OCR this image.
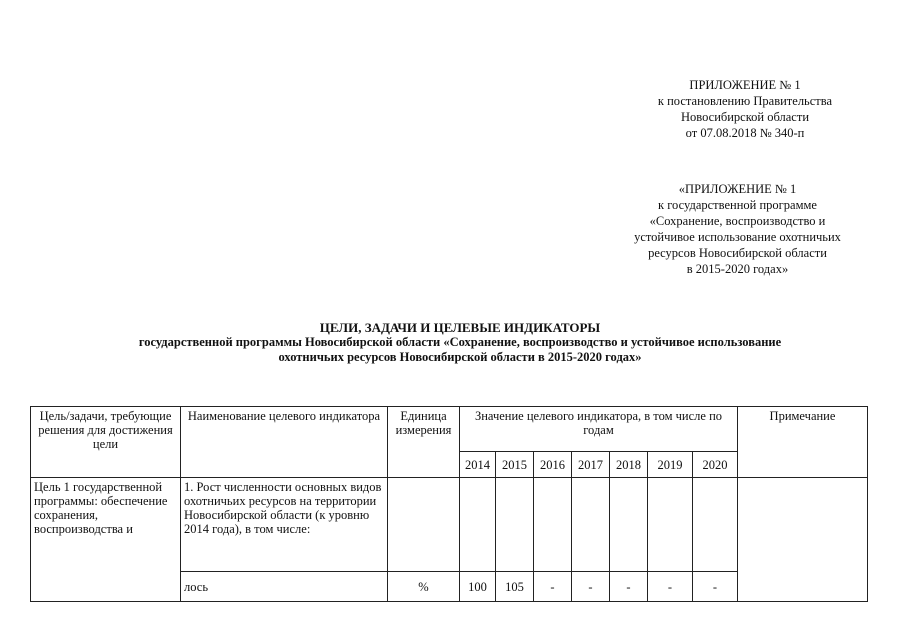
ПРИЛОЖЕНИЕ № 1
к постановлению Правительства
Новосибирской области
от 07.08.2018 № 340-п
«ПРИЛОЖЕНИЕ № 1
к государственной программе
«Сохранение, воспроизводство и
устойчивое использование охотничьих
ресурсов Новосибирской области
в 2015-2020 годах»
ЦЕЛИ, ЗАДАЧИ И ЦЕЛЕВЫЕ ИНДИКАТОРЫ
государственной программы Новосибирской области «Сохранение, воспроизводство и устойчивое использование
охотничьих ресурсов Новосибирской области в 2015-2020 годах»
Цель/задачи, требующие решения для достижения цели	Наименование целевого индикатора	Единица измерения	Значение целевого индикатора, в том числе по годам							Примечание
			2014	2015	2016	2017	2018	2019	2020	
Цель 1 государственной программы: обеспечение сохранения, воспроизводства и	1. Рост численности основных видов охотничьих ресурсов на территории Новосибирской области (к уровню 2014 года), в том числе:									
	лось	%	100	105	-	-	-	-	-	
